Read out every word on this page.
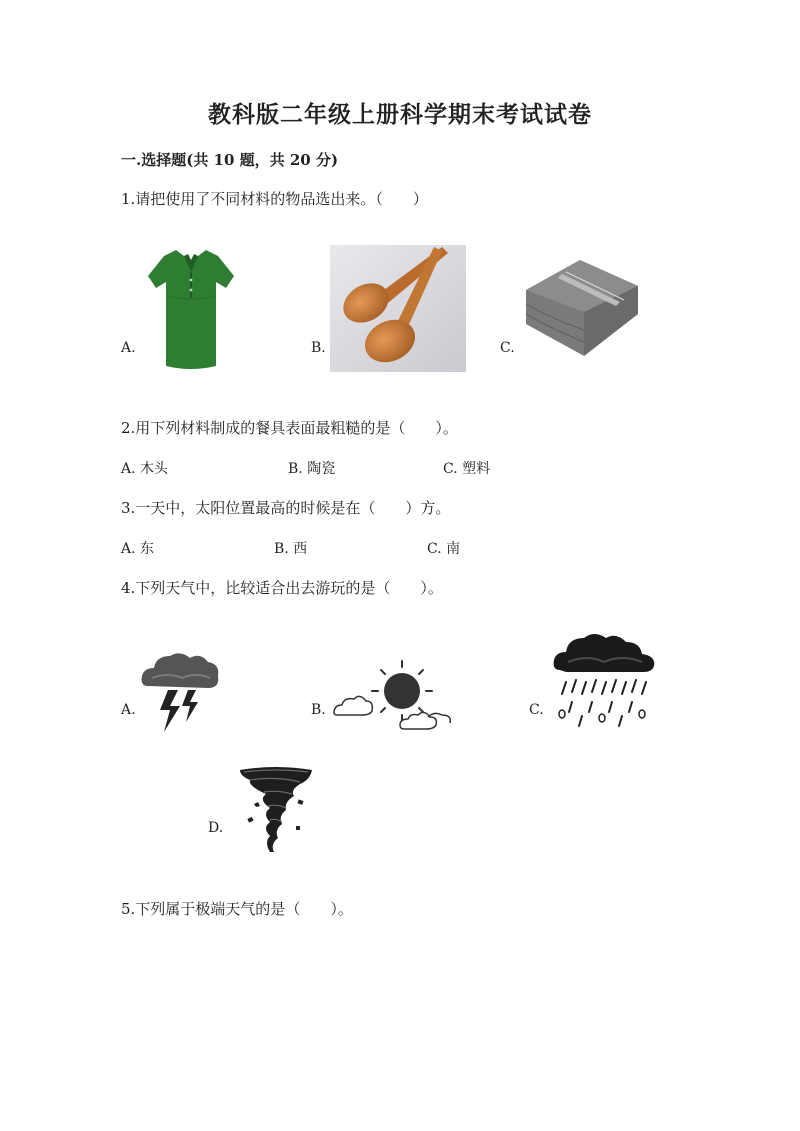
教科版二年级上册科学期末考试试卷
一.选择题(共 10 题，共 20 分)
1.请把使用了不同材料的物品选出来。（　　）
A.	B.	C.
2.用下列材料制成的餐具表面最粗糙的是（　　）。
A. 木头	B. 陶瓷	C. 塑料
3.一天中，太阳位置最高的时候是在（　　）方。
A. 东	B. 西	C. 南
4.下列天气中，比较适合出去游玩的是（　　）。
A.	B.	C.
D.
5.下列属于极端天气的是（　　）。
